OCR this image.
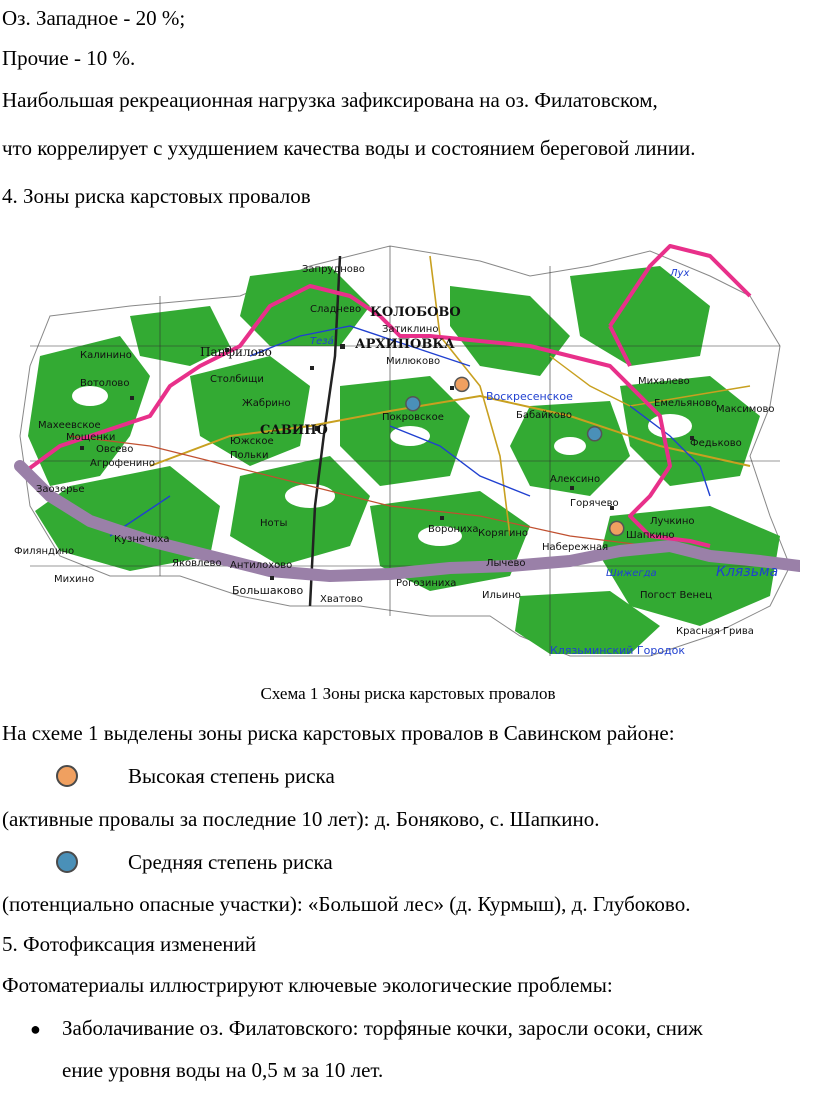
Оз. Западное - 20 %;
Прочие - 10 %.
Наибольшая рекреационная нагрузка зафиксирована на оз. Филатовском,
что коррелирует с ухудшением качества воды и состоянием береговой линии.
4. Зоны риска карстовых провалов
КОЛОБОВО
АРХИПОВКА
САВИНО
Панфилово
Запрудново
Сладнево
Затиклино
Милюково
Воскресенское
Покровское	Бабайково
Южское
Польки
Столбищи
Жабрино
Калинино
Вотолово
Махеевское
Мощенки
Овсево
Агрофенино
Заозерье
Филяндино
Михино
Кузнечиха
Яковлево Антилохово
Большаково
Хватово
Рогозиниха
Ильино
Лычево
Набережная
Шапкино
Лучкино
Горячево
Алексино
Михалево
Емельяново
Максимово
Федьково
Погост Венец
Красная Грива
Клязьминский Городок
Клязьма
Шижегда
Лух
Тезá
Ноты
Ворониха Корягино
Схема 1 Зоны риска карстовых провалов
На схеме 1 выделены зоны риска карстовых провалов в Савинском районе:
Высокая степень риска
(активные провалы за последние 10 лет): д. Боняково, с. Шапкино.
Средняя степень риска
(потенциально опасные участки): «Большой лес» (д. Курмыш), д. Глубоково.
5. Фотофиксация изменений
Фотоматериалы иллюстрируют ключевые экологические проблемы:
● Заболачивание оз. Филатовского: торфяные кочки, заросли осоки, сниж
ение уровня воды на 0,5 м за 10 лет.
